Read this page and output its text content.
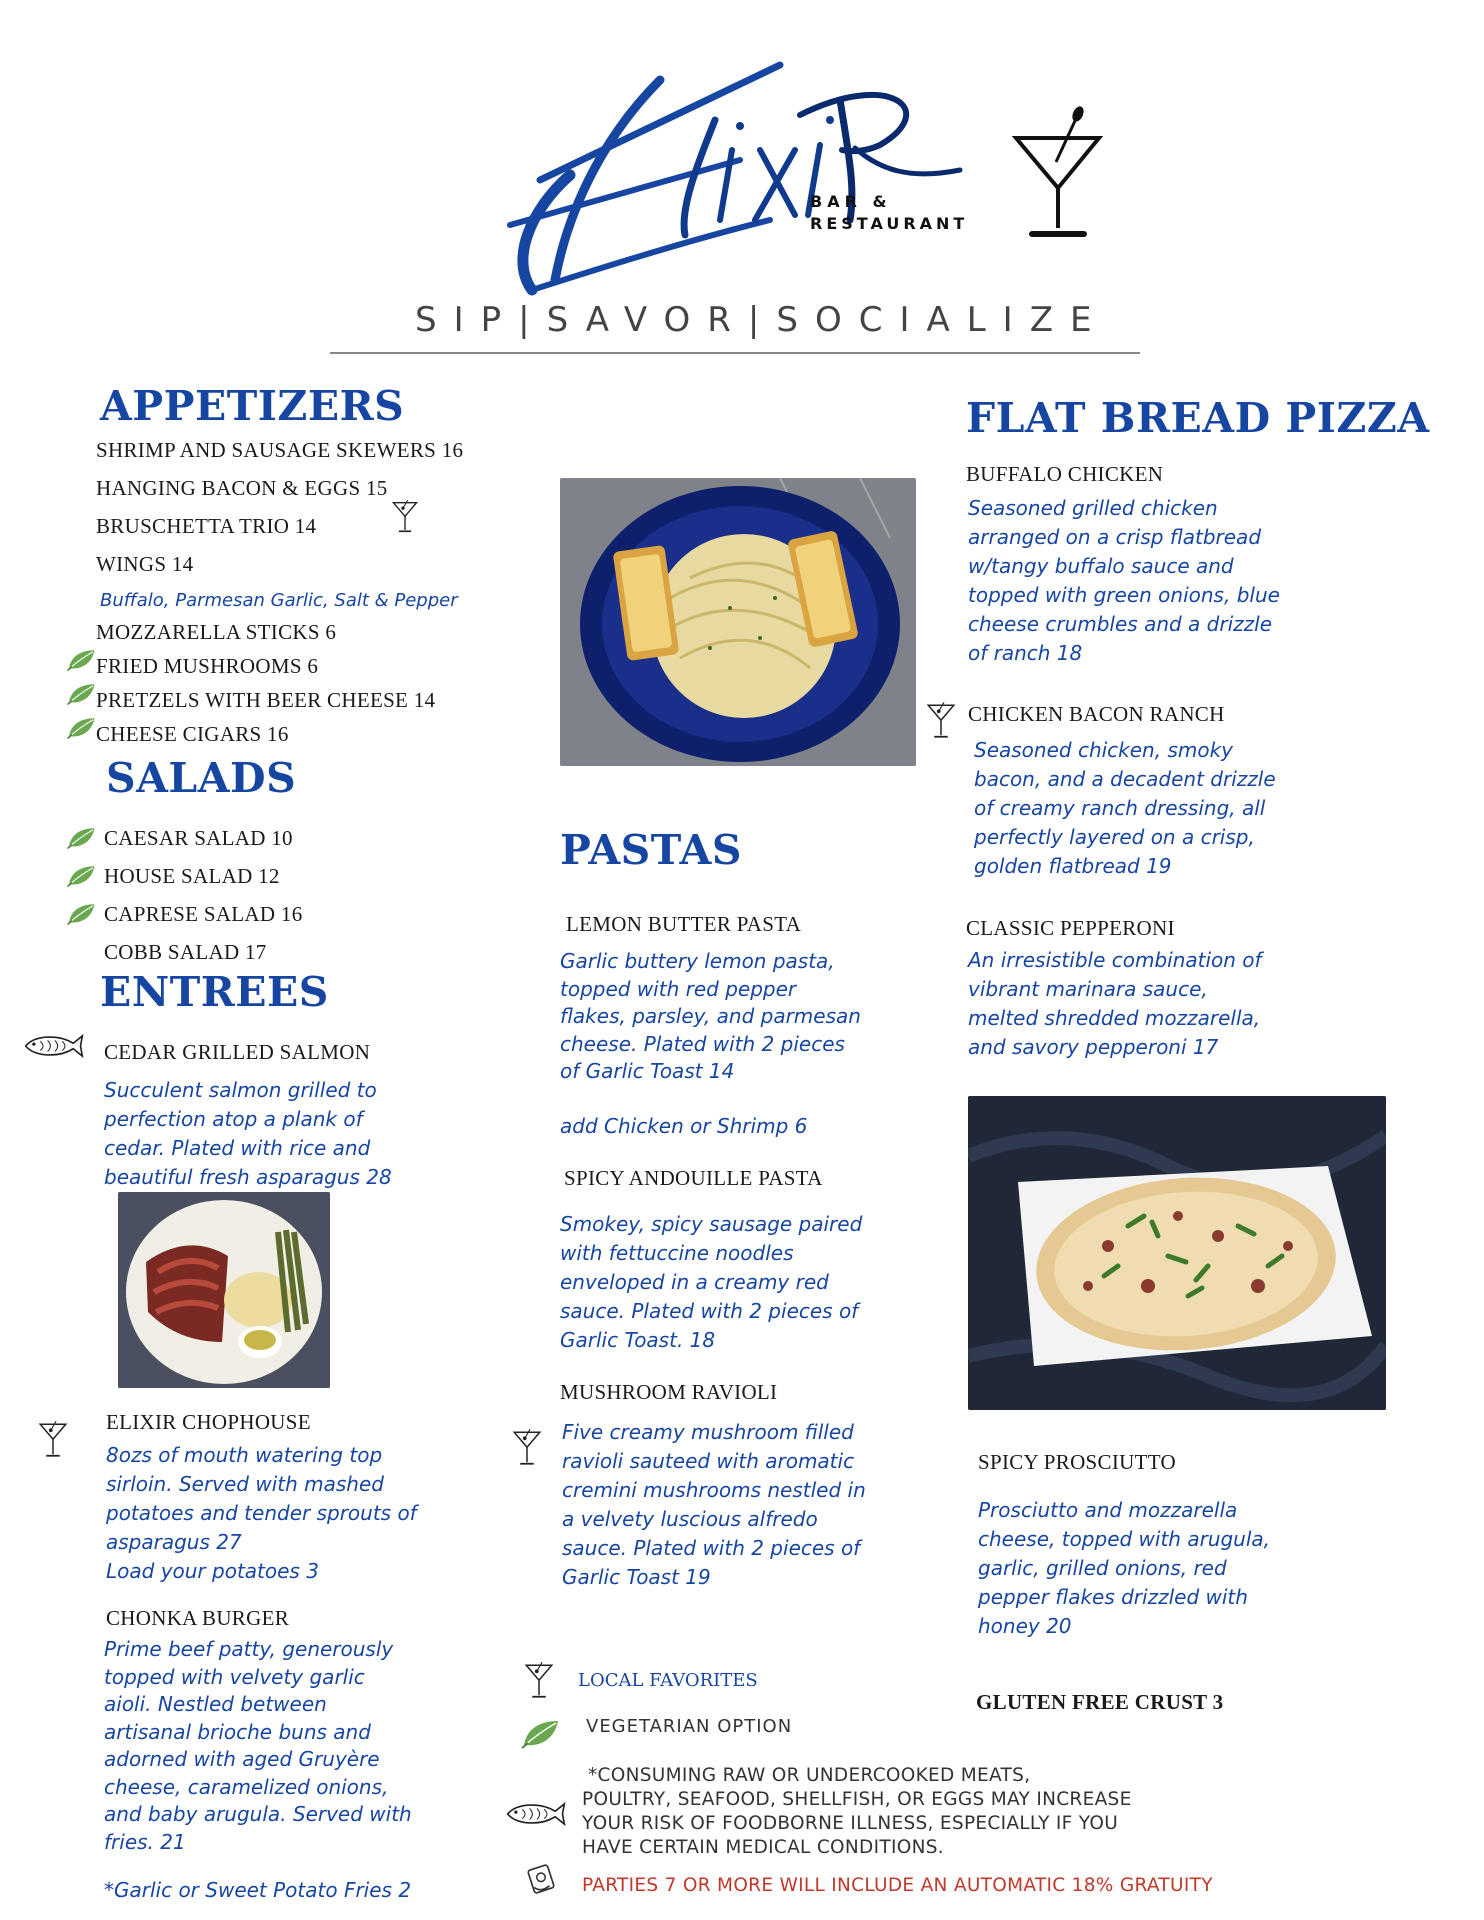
BAR &
RESTAURANT
SIP|SAVOR|SOCIALIZE
APPETIZERS
SHRIMP AND SAUSAGE SKEWERS 16
HANGING BACON & EGGS 15
BRUSCHETTA TRIO 14
WINGS 14
Buffalo, Parmesan Garlic, Salt & Pepper
MOZZARELLA STICKS 6
FRIED MUSHROOMS 6
PRETZELS WITH BEER CHEESE 14
CHEESE CIGARS 16
SALADS
CAESAR SALAD 10
HOUSE SALAD 12
CAPRESE SALAD 16
COBB SALAD 17
ENTREES
CEDAR GRILLED SALMON

Succulent salmon grilled to

perfection atop a plank of

cedar. Plated with rice and

beautiful fresh asparagus 28

ELIXIR CHOPHOUSE

8ozs of mouth watering top

sirloin. Served with mashed

potatoes and tender sprouts of

asparagus 27

Load your potatoes 3

CHONKA BURGER

Prime beef patty, generously

topped with velvety garlic

aioli. Nestled between

artisanal brioche buns and

adorned with aged Gruyère

cheese, caramelized onions,

and baby arugula. Served with

fries. 21

*Garlic or Sweet Potato Fries 2
PASTAS
LEMON BUTTER PASTA

Garlic buttery lemon pasta,

topped with red pepper

flakes, parsley, and parmesan

cheese. Plated with 2 pieces

of Garlic Toast 14

add Chicken or Shrimp 6
SPICY ANDOUILLE PASTA

Smokey, spicy sausage paired

with fettuccine noodles

enveloped in a creamy red

sauce. Plated with 2 pieces of

Garlic Toast. 18

MUSHROOM RAVIOLI

Five creamy mushroom filled

ravioli sauteed with aromatic

cremini mushrooms nestled in

a velvety luscious alfredo

sauce. Plated with 2 pieces of

Garlic Toast 19

FLAT BREAD PIZZA
BUFFALO CHICKEN

Seasoned grilled chicken

arranged on a crisp flatbread

w/tangy buffalo sauce and

topped with green onions, blue

cheese crumbles and a drizzle

of ranch 18

CHICKEN BACON RANCH

Seasoned chicken, smoky

bacon, and a decadent drizzle

of creamy ranch dressing, all

perfectly layered on a crisp,

golden flatbread 19

CLASSIC PEPPERONI

An irresistible combination of

vibrant marinara sauce,

melted shredded mozzarella,

and savory pepperoni 17

SPICY PROSCIUTTO

Prosciutto and mozzarella

cheese, topped with arugula,

garlic, grilled onions, red

pepper flakes drizzled with

honey 20

GLUTEN FREE CRUST 3
LOCAL FAVORITES
VEGETARIAN OPTION
*CONSUMING RAW OR UNDERCOOKED MEATS,
POULTRY, SEAFOOD, SHELLFISH, OR EGGS MAY INCREASE
YOUR RISK OF FOODBORNE ILLNESS, ESPECIALLY IF YOU
HAVE CERTAIN MEDICAL CONDITIONS.
PARTIES 7 OR MORE WILL INCLUDE AN AUTOMATIC 18% GRATUITY
